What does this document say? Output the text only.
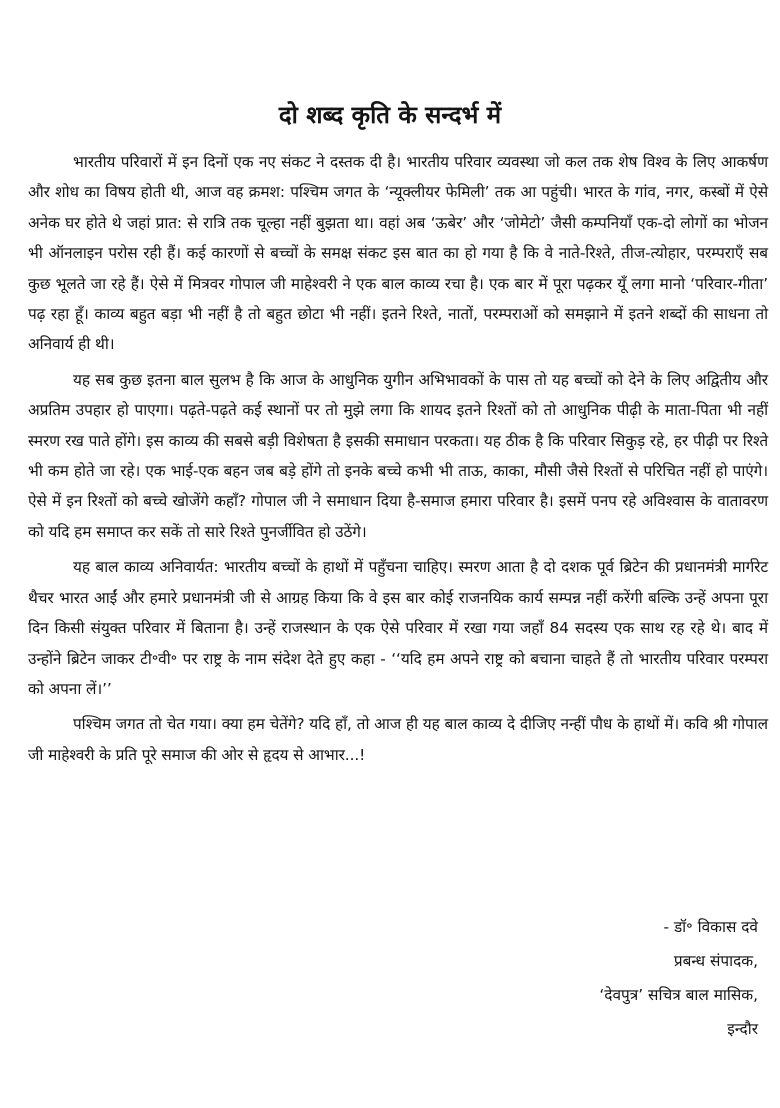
दो शब्द कृति के सन्दर्भ में

भारतीय परिवारों में इन दिनों एक नए संकट ने दस्तक दी है। भारतीय परिवार व्यवस्था जो कल तक शेष विश्व के लिए आकर्षण और शोध का विषय होती थी, आज वह क्रमश: पश्चिम जगत के ‘न्यूक्लीयर फेमिली’ तक आ पहुंची। भारत के गांव, नगर, कस्बों में ऐसे अनेक घर होते थे जहां प्रात: से रात्रि तक चूल्हा नहीं बुझता था। वहां अब ‘ऊबेर’ और ‘जोमेटो’ जैसी कम्पनियाँ एक-दो लोगों का भोजन भी ऑनलाइन परोस रही हैं। कई कारणों से बच्चों के समक्ष संकट इस बात का हो गया है कि वे नाते-रिश्ते, तीज-त्योहार, परम्पराएँ सब कुछ भूलते जा रहे हैं। ऐसे में मित्रवर गोपाल जी माहेश्वरी ने एक बाल काव्य रचा है। एक बार में पूरा पढ़कर यूँ लगा मानो ‘परिवार-गीता’ पढ़ रहा हूँ। काव्य बहुत बड़ा भी नहीं है तो बहुत छोटा भी नहीं। इतने रिश्ते, नातों, परम्पराओं को समझाने में इतने शब्दों की साधना तो अनिवार्य ही थी।

यह सब कुछ इतना बाल सुलभ है कि आज के आधुनिक युगीन अभिभावकों के पास तो यह बच्चों को देने के लिए अद्वितीय और अप्रतिम उपहार हो पाएगा। पढ़ते-पढ़ते कई स्थानों पर तो मुझे लगा कि शायद इतने रिश्तों को तो आधुनिक पीढ़ी के माता-पिता भी नहीं स्मरण रख पाते होंगे। इस काव्य की सबसे बड़ी विशेषता है इसकी समाधान परकता। यह ठीक है कि परिवार सिकुड़ रहे, हर पीढ़ी पर रिश्ते भी कम होते जा रहे। एक भाई-एक बहन जब बड़े होंगे तो इनके बच्चे कभी भी ताऊ, काका, मौसी जैसे रिश्तों से परिचित नहीं हो पाएंगे। ऐसे में इन रिश्तों को बच्चे खोजेंगे कहाँ? गोपाल जी ने समाधान दिया है-समाज हमारा परिवार है। इसमें पनप रहे अविश्वास के वातावरण को यदि हम समाप्त कर सकें तो सारे रिश्ते पुनर्जीवित हो उठेंगे।

यह बाल काव्य अनिवार्यत: भारतीय बच्चों के हाथों में पहुँचना चाहिए। स्मरण आता है दो दशक पूर्व ब्रिटेन की प्रधानमंत्री मार्गरेट थैचर भारत आईं और हमारे प्रधानमंत्री जी से आग्रह किया कि वे इस बार कोई राजनयिक कार्य सम्पन्न नहीं करेंगी बल्कि उन्हें अपना पूरा दिन किसी संयुक्त परिवार में बिताना है। उन्हें राजस्थान के एक ऐसे परिवार में रखा गया जहाँ 84 सदस्य एक साथ रह रहे थे। बाद में उन्होंने ब्रिटेन जाकर टी॰वी॰ पर राष्ट्र के नाम संदेश देते हुए कहा - ‘‘यदि हम अपने राष्ट्र को बचाना चाहते हैं तो भारतीय परिवार परम्परा को अपना लें।’’

पश्चिम जगत तो चेत गया। क्या हम चेतेंगे? यदि हाँ, तो आज ही यह बाल काव्य दे दीजिए नन्हीं पौध के हाथों में। कवि श्री गोपाल जी माहेश्वरी के प्रति पूरे समाज की ओर से हृदय से आभार...!

- डॉ॰ विकास दवे
प्रबन्ध संपादक,
‘देवपुत्र’ सचित्र बाल मासिक,
इन्दौर
